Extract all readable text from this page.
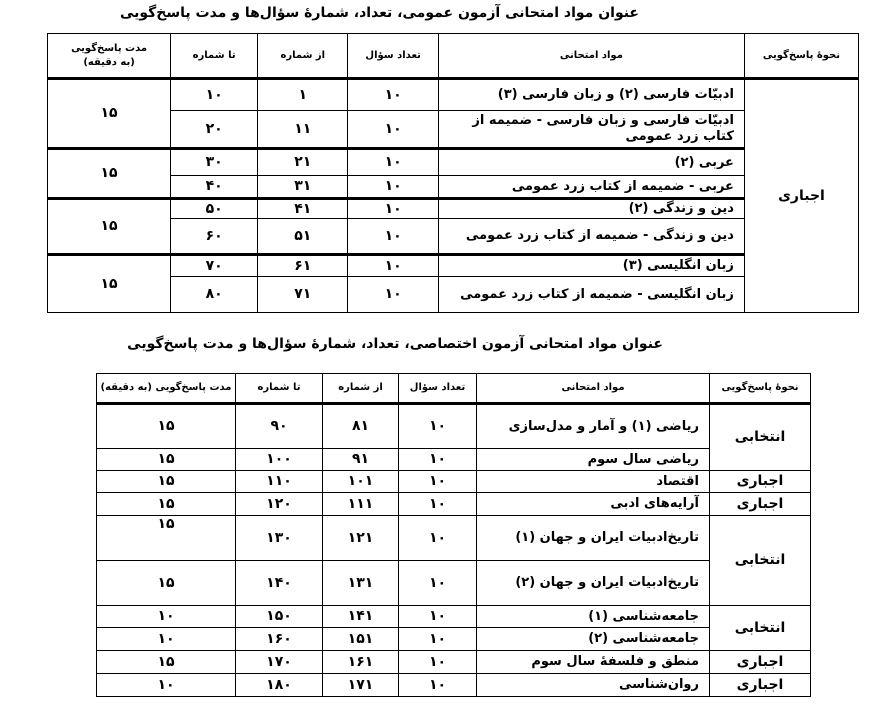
عنوان مواد امتحانی آزمون عمومی، تعداد، شمارهٔ سؤال‌ها و مدت پاسخ‌گویی
نحوهٔ پاسخ‌گویی	مواد امتحانی	تعداد سؤال	از شماره	تا شماره	مدت پاسخ‌گویی
(به دقیقه)

اجباری	ادبیّات فارسی (۲) و زبان فارسی (۳)	۱۰	۱	۱۰	۱۵
	ادبیّات فارسی و زبان فارسی - ضمیمه از کتاب زرد عمومی	۱۰	۱۱	۲۰	
	عربی (۲)	۱۰	۲۱	۳۰	۱۵
	عربی - ضمیمه از کتاب زرد عمومی	۱۰	۳۱	۴۰	
	دین و زندگی (۲)	۱۰	۴۱	۵۰	۱۵
	دین و زندگی - ضمیمه از کتاب زرد عمومی	۱۰	۵۱	۶۰	
	زبان انگلیسی (۳)	۱۰	۶۱	۷۰	۱۵
	زبان انگلیسی - ضمیمه از کتاب زرد عمومی	۱۰	۷۱	۸۰	
عنوان مواد امتحانی آزمون اختصاصی، تعداد، شمارهٔ سؤال‌ها و مدت پاسخ‌گویی
نحوهٔ پاسخ‌گویی	مواد امتحانی	تعداد سؤال	از شماره	تا شماره	مدت پاسخ‌گویی (به دقیقه)
انتخابی	ریاضی (۱) و آمار و مدل‌سازی	۱۰	۸۱	۹۰	۱۵
	ریاضی سال سوم	۱۰	۹۱	۱۰۰	۱۵
اجباری	اقتصاد	۱۰	۱۰۱	۱۱۰	۱۵
اجباری	آرایه‌های ادبی	۱۰	۱۱۱	۱۲۰	۱۵
انتخابی	تاریخ‌ادبیات ایران و جهان (۱)	۱۰	۱۲۱	۱۳۰	۱۵
	تاریخ‌ادبیات ایران و جهان (۲)	۱۰	۱۳۱	۱۴۰	۱۵
انتخابی	جامعه‌شناسی (۱)	۱۰	۱۴۱	۱۵۰	۱۰
	جامعه‌شناسی (۲)	۱۰	۱۵۱	۱۶۰	۱۰
اجباری	منطق و فلسفهٔ سال سوم	۱۰	۱۶۱	۱۷۰	۱۵
اجباری	روان‌شناسی	۱۰	۱۷۱	۱۸۰	۱۰
